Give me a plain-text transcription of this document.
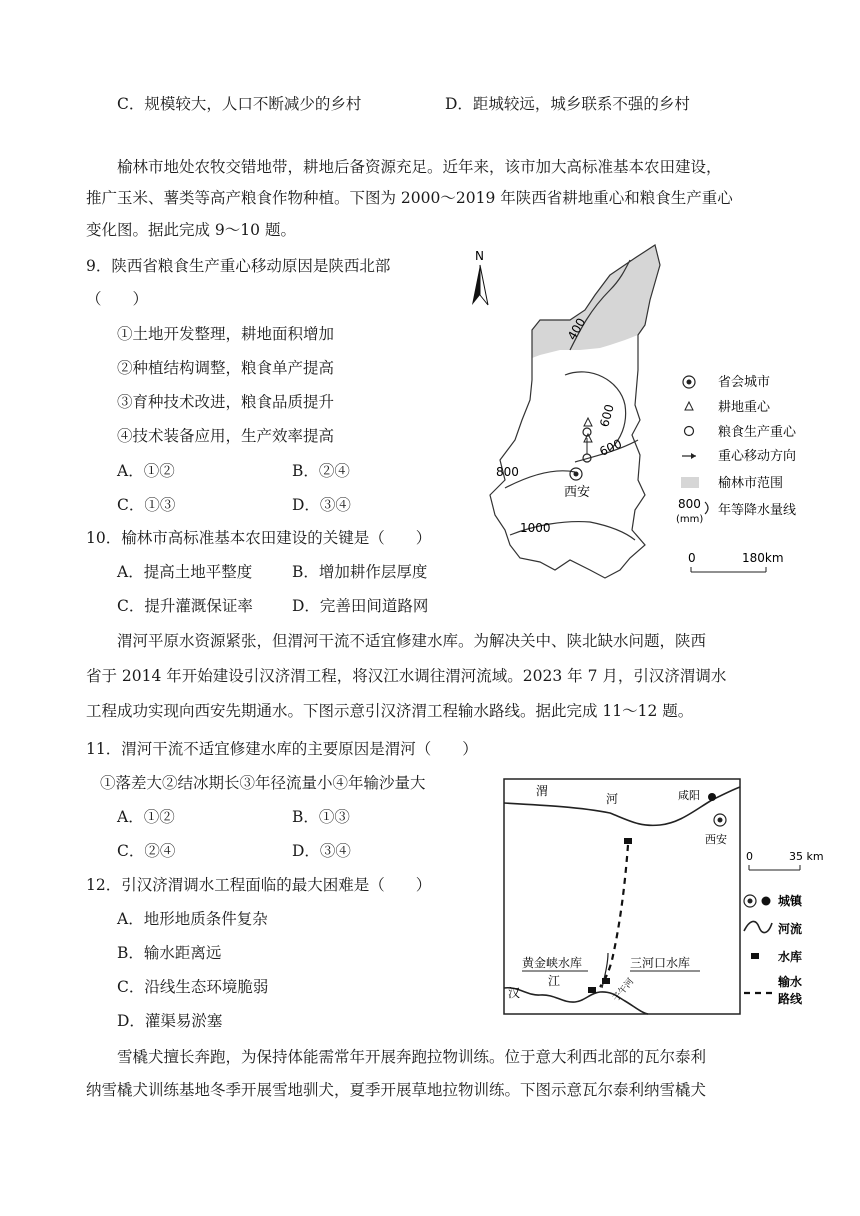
C．规模较大，人口不断减少的乡村	D．距城较远，城乡联系不强的乡村
榆林市地处农牧交错地带，耕地后备资源充足。近年来，该市加大高标准基本农田建设，
推广玉米、薯类等高产粮食作物种植。下图为 2000～2019 年陕西省耕地重心和粮食生产重心
变化图。据此完成 9～10 题。
9．陕西省粮食生产重心移动原因是陕西北部
（　　）
①土地开发整理，耕地面积增加
②种植结构调整，粮食单产提高
③育种技术改进，粮食品质提升
④技术装备应用，生产效率提高
A．①②	B．②④
C．①③	D．③④
10．榆林市高标准基本农田建设的关键是（　　）
A．提高土地平整度	B．增加耕作层厚度
C．提升灌溉保证率	D．完善田间道路网
渭河平原水资源紧张，但渭河干流不适宜修建水库。为解决关中、陕北缺水问题，陕西
省于 2014 年开始建设引汉济渭工程，将汉江水调往渭河流域。2023 年 7 月，引汉济渭调水
工程成功实现向西安先期通水。下图示意引汉济渭工程输水路线。据此完成 11～12 题。
11．渭河干流不适宜修建水库的主要原因是渭河（　　）
①落差大②结冰期长③年径流量小④年输沙量大
A．①②	B．①③
C．②④	D．③④
12．引汉济渭调水工程面临的最大困难是（　　）
A．地形地质条件复杂
B．输水距离远
C．沿线生态环境脆弱
D．灌渠易淤塞
雪橇犬擅长奔跑，为保持体能需常年开展奔跑拉物训练。位于意大利西北部的瓦尔泰利
纳雪橇犬训练基地冬季开展雪地驯犬，夏季开展草地拉物训练。下图示意瓦尔泰利纳雪橇犬
N
400
600
600
800
1000
西安
省会城市
耕地重心
粮食生产重心
重心移动方向
榆林市范围
800
(mm)
年等降水量线
0	180km
渭
河	咸阳
西安
汉
江	子午河
黄金峡水库	三河口水库
0	35 km
城镇
河流
水库
输水
路线
